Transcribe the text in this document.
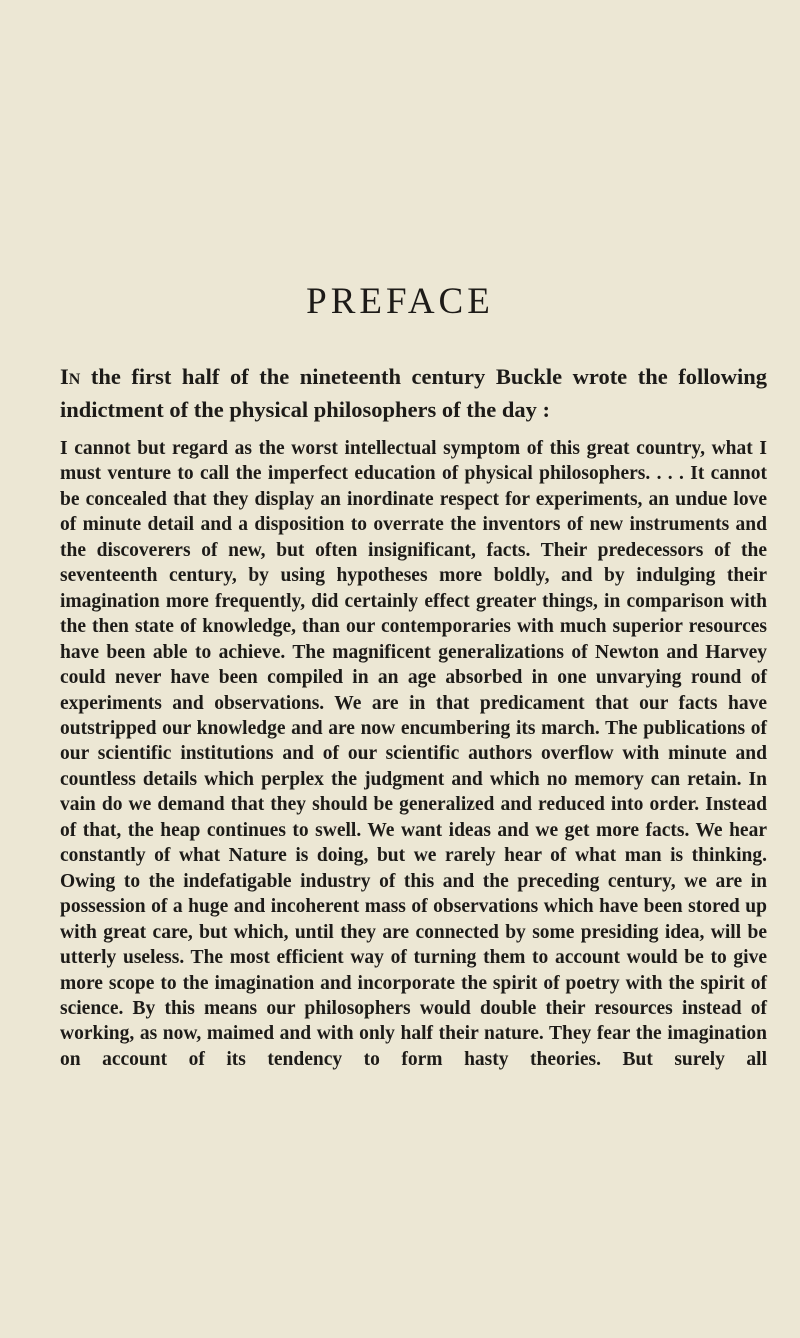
PREFACE

In the first half of the nineteenth century Buckle wrote the following indictment of the physical philosophers of the day :

I cannot but regard as the worst intellectual symptom of this great country, what I must venture to call the imperfect education of physical philosophers. . . . It cannot be concealed that they display an inordinate respect for experiments, an undue love of minute detail and a disposition to overrate the inventors of new instruments and the discoverers of new, but often insignificant, facts. Their predecessors of the seventeenth century, by using hypotheses more boldly, and by indulging their imagination more frequently, did certainly effect greater things, in comparison with the then state of knowledge, than our contemporaries with much superior resources have been able to achieve. The magnificent generalizations of Newton and Harvey could never have been compiled in an age absorbed in one unvarying round of experiments and observations. We are in that predicament that our facts have outstripped our knowledge and are now encumbering its march. The publications of our scientific institutions and of our scientific authors overflow with minute and countless details which perplex the judgment and which no memory can retain. In vain do we demand that they should be generalized and reduced into order. Instead of that, the heap continues to swell. We want ideas and we get more facts. We hear constantly of what Nature is doing, but we rarely hear of what man is thinking. Owing to the indefatigable industry of this and the preceding century, we are in possession of a huge and incoherent mass of observations which have been stored up with great care, but which, until they are connected by some presiding idea, will be utterly useless. The most efficient way of turning them to account would be to give more scope to the imagination and incorporate the spirit of poetry with the spirit of science. By this means our philosophers would double their resources instead of working, as now, maimed and with only half their nature. They fear the imagination on account of its tendency to form hasty theories. But surely all
